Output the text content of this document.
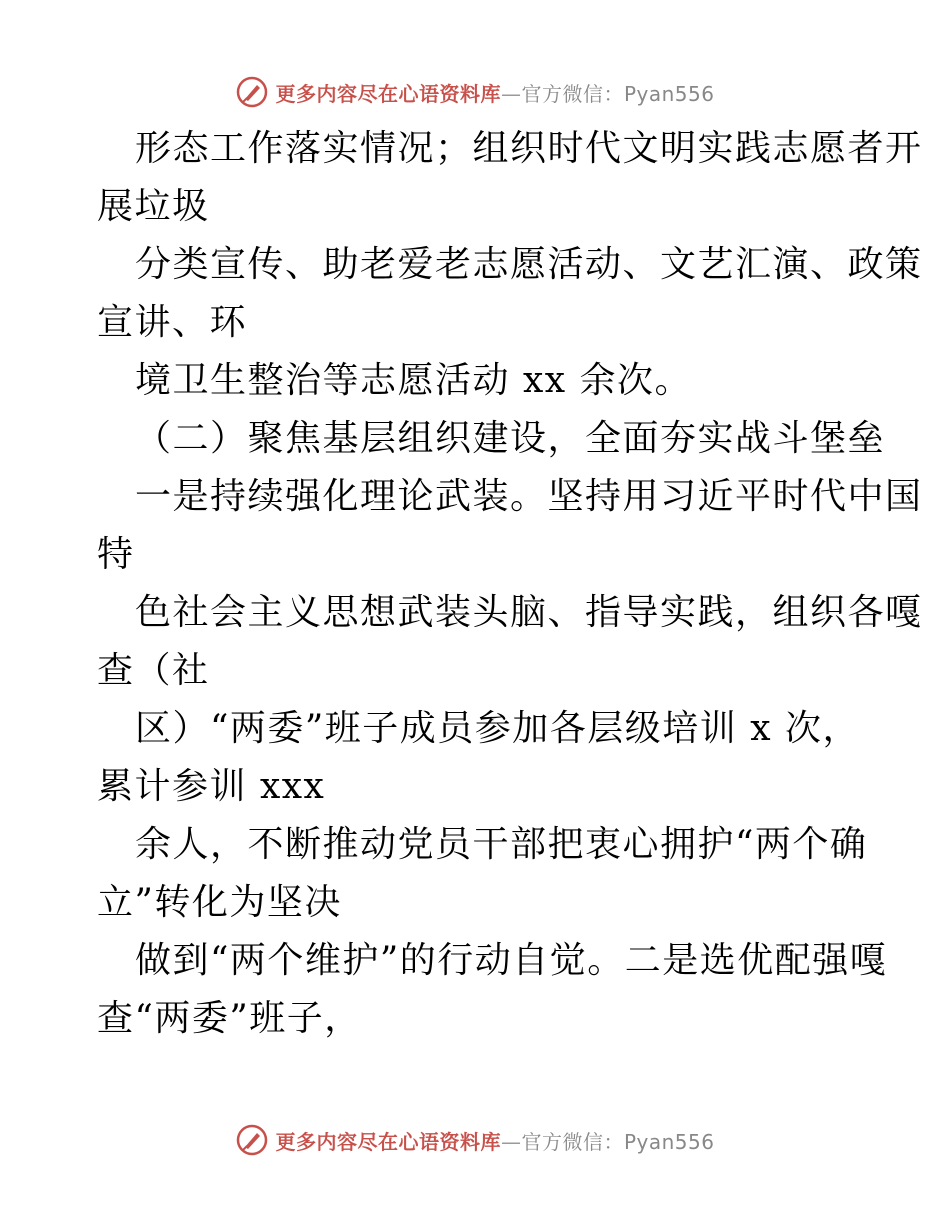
更多内容尽在心语资料库—官方微信：Pyan556
形态工作落实情况；组织时代文明实践志愿者开
展垃圾
分类宣传、助老爱老志愿活动、文艺汇演、政策
宣讲、环
境卫生整治等志愿活动 xx 余次。
（二）聚焦基层组织建设，全面夯实战斗堡垒
一是持续强化理论武装。坚持用习近平时代中国
特
色社会主义思想武装头脑、指导实践，组织各嘎
查（社
区）“两委”班子成员参加各层级培训 x 次，
累计参训 xxx
余人，不断推动党员干部把衷心拥护“两个确
立”转化为坚决
做到“两个维护”的行动自觉。二是选优配强嘎
查“两委”班子，
更多内容尽在心语资料库—官方微信：Pyan556
